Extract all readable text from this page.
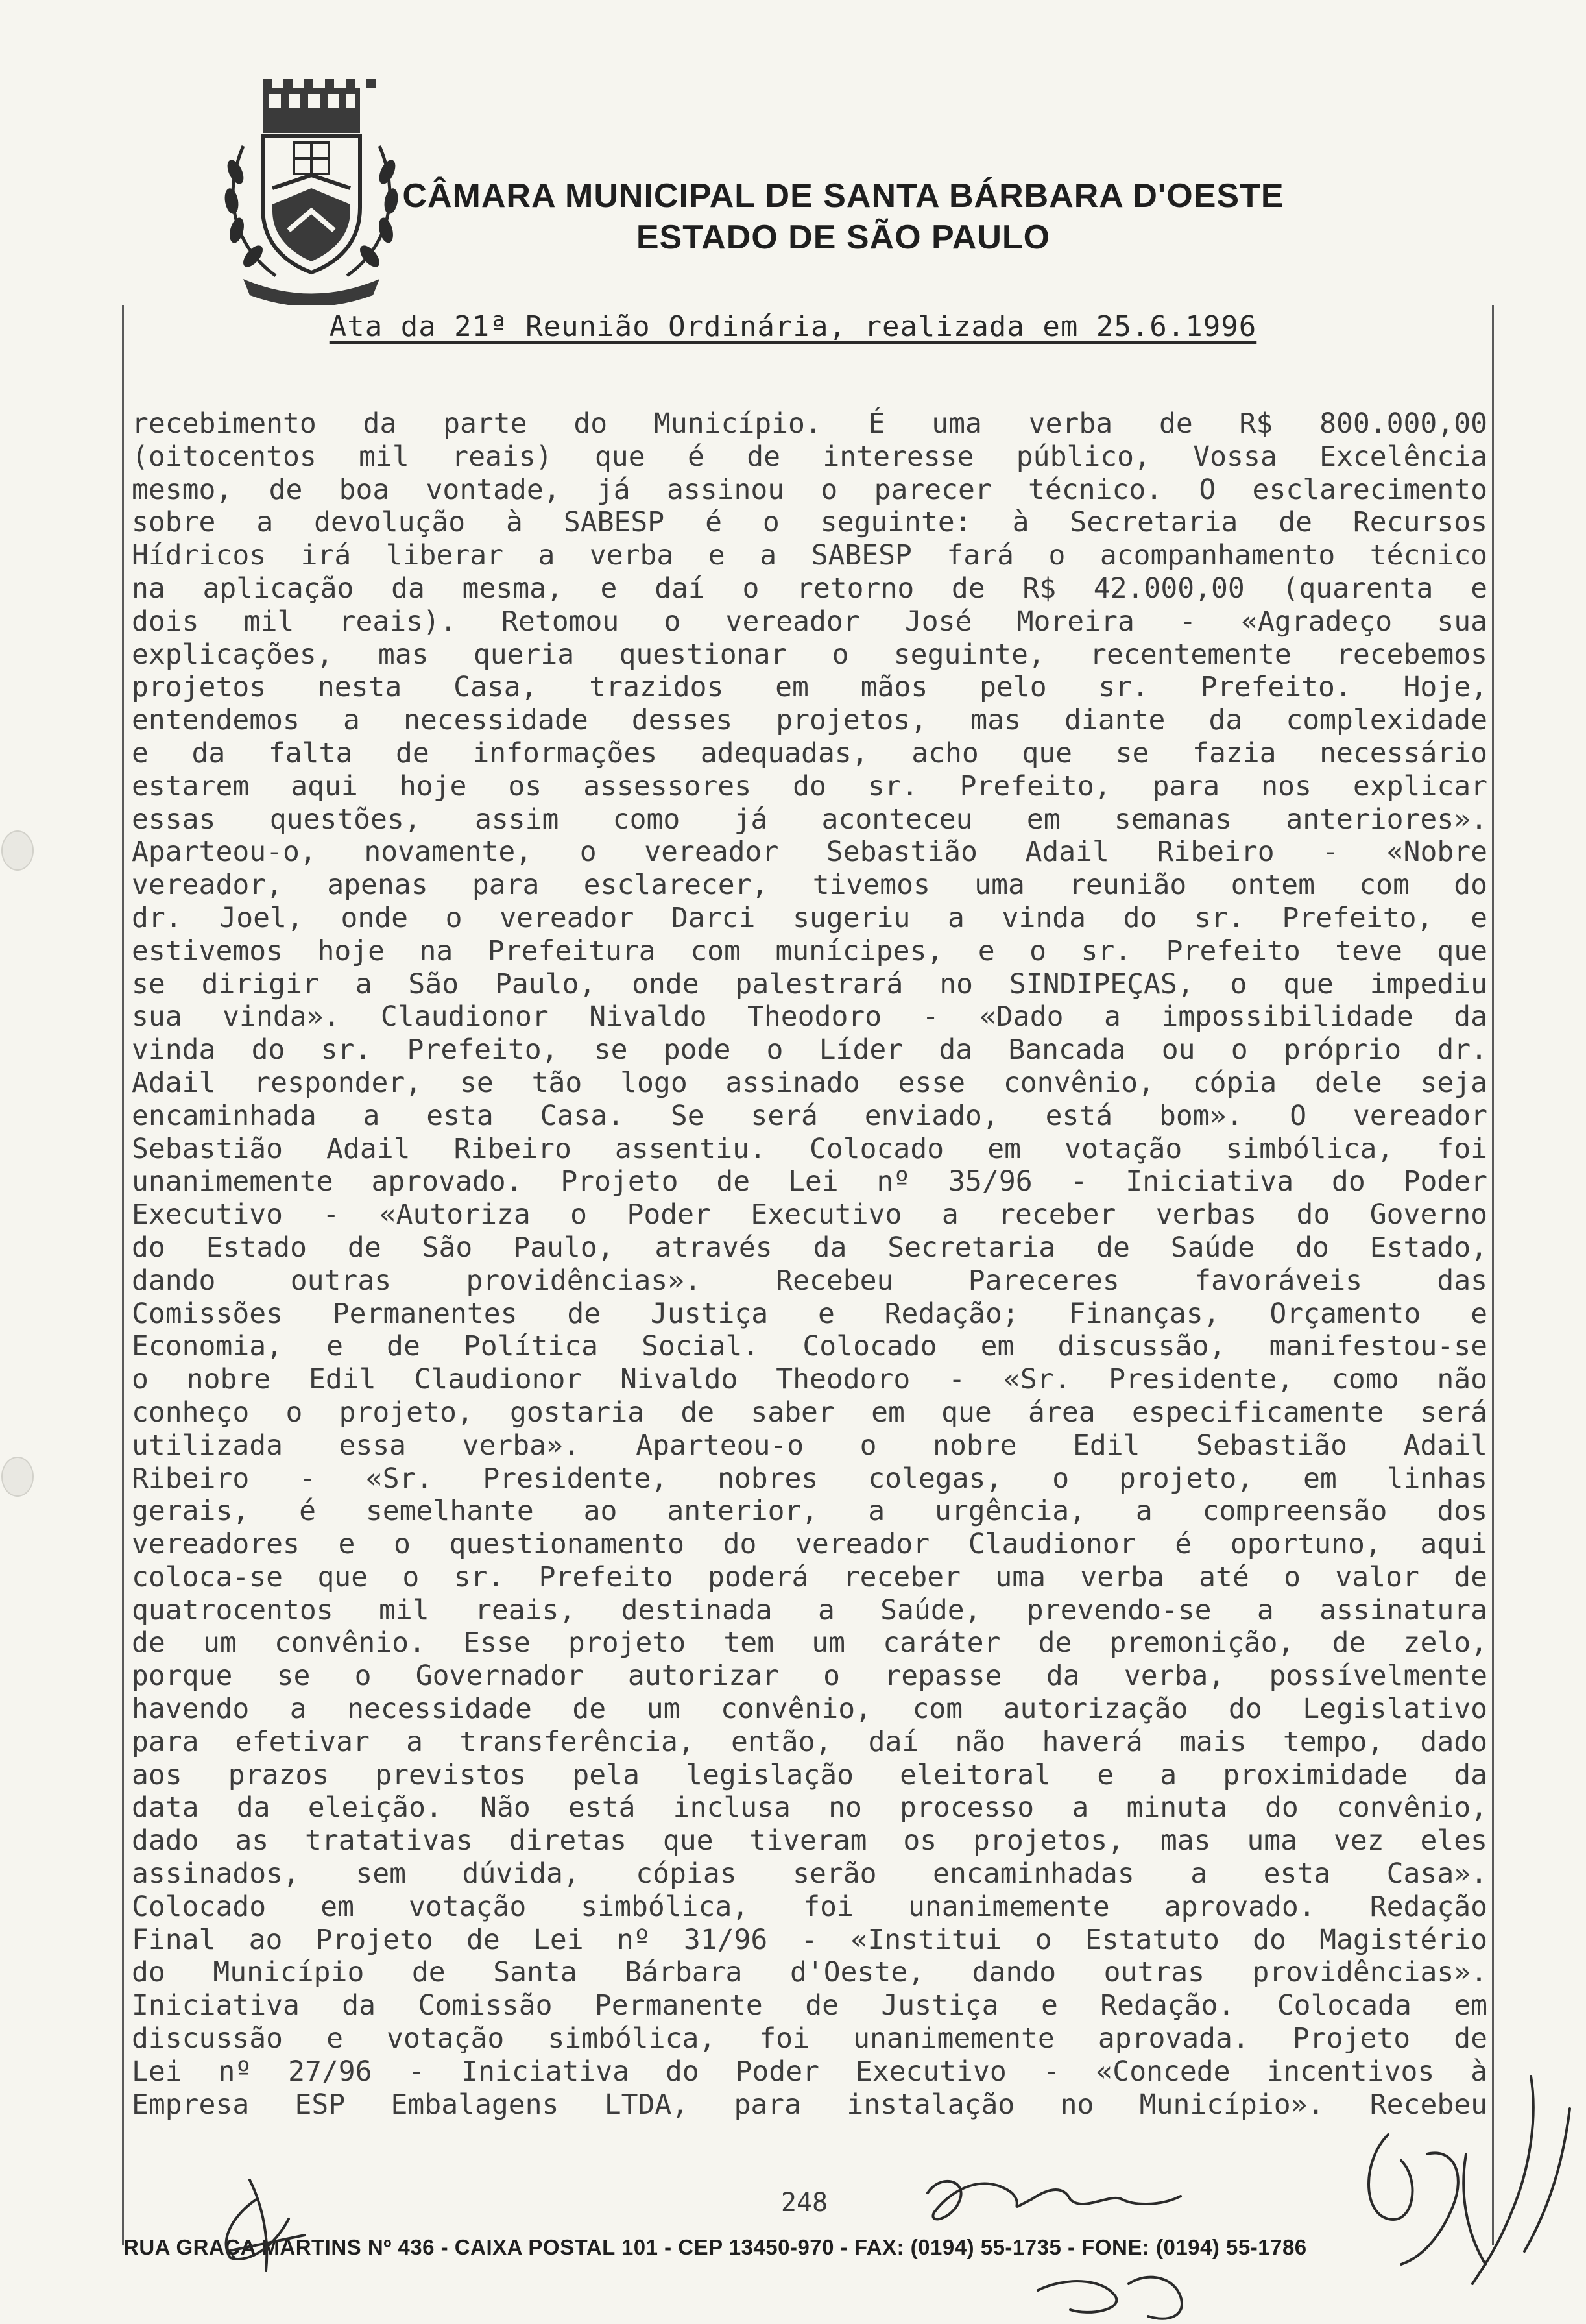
CÂMARA MUNICIPAL DE SANTA BÁRBARA D'OESTE
ESTADO DE SÃO PAULO
Ata da 21ª Reunião Ordinária, realizada em 25.6.1996
recebimento da parte do Município. É uma verba de R$ 800.000,00
(oitocentos mil reais) que é de interesse público, Vossa Excelência
mesmo, de boa vontade, já assinou o parecer técnico. O esclarecimento
sobre a devolução à SABESP é o seguinte: à Secretaria de Recursos
Hídricos irá liberar a verba e a SABESP fará o acompanhamento técnico
na aplicação da mesma, e daí o retorno de R$ 42.000,00 (quarenta e
dois mil reais). Retomou o vereador José Moreira - «Agradeço sua
explicações, mas queria questionar o seguinte, recentemente recebemos
projetos nesta Casa, trazidos em mãos pelo sr. Prefeito. Hoje,
entendemos a necessidade desses projetos, mas diante da complexidade
e da falta de informações adequadas, acho que se fazia necessário
estarem aqui hoje os assessores do sr. Prefeito, para nos explicar
essas questões, assim como já aconteceu em semanas anteriores».
Aparteou-o, novamente, o vereador Sebastião Adail Ribeiro - «Nobre
vereador, apenas para esclarecer, tivemos uma reunião ontem com do
dr. Joel, onde o vereador Darci sugeriu a vinda do sr. Prefeito, e
estivemos hoje na Prefeitura com munícipes, e o sr. Prefeito teve que
se dirigir a São Paulo, onde palestrará no SINDIPEÇAS, o que impediu
sua vinda». Claudionor Nivaldo Theodoro - «Dado a impossibilidade da
vinda do sr. Prefeito, se pode o Líder da Bancada ou o próprio dr.
Adail responder, se tão logo assinado esse convênio, cópia dele seja
encaminhada a esta Casa. Se será enviado, está bom». O vereador
Sebastião Adail Ribeiro assentiu. Colocado em votação simbólica, foi
unanimemente aprovado. Projeto de Lei nº 35/96 - Iniciativa do Poder
Executivo - «Autoriza o Poder Executivo a receber verbas do Governo
do Estado de São Paulo, através da Secretaria de Saúde do Estado,
dando outras providências». Recebeu Pareceres favoráveis das
Comissões Permanentes de Justiça e Redação; Finanças, Orçamento e
Economia, e de Política Social. Colocado em discussão, manifestou-se
o nobre Edil Claudionor Nivaldo Theodoro - «Sr. Presidente, como não
conheço o projeto, gostaria de saber em que área especificamente será
utilizada essa verba». Aparteou-o o nobre Edil Sebastião Adail
Ribeiro - «Sr. Presidente, nobres colegas, o projeto, em linhas
gerais, é semelhante ao anterior, a urgência, a compreensão dos
vereadores e o questionamento do vereador Claudionor é oportuno, aqui
coloca-se que o sr. Prefeito poderá receber uma verba até o valor de
quatrocentos mil reais, destinada a Saúde, prevendo-se a assinatura
de um convênio. Esse projeto tem um caráter de premonição, de zelo,
porque se o Governador autorizar o repasse da verba, possívelmente
havendo a necessidade de um convênio, com autorização do Legislativo
para efetivar a transferência, então, daí não haverá mais tempo, dado
aos prazos previstos pela legislação eleitoral e a proximidade da
data da eleição. Não está inclusa no processo a minuta do convênio,
dado as tratativas diretas que tiveram os projetos, mas uma vez eles
assinados, sem dúvida, cópias serão encaminhadas a esta Casa».
Colocado em votação simbólica, foi unanimemente aprovado. Redação
Final ao Projeto de Lei nº 31/96 - «Institui o Estatuto do Magistério
do Município de Santa Bárbara d'Oeste, dando outras providências».
Iniciativa da Comissão Permanente de Justiça e Redação. Colocada em
discussão e votação simbólica, foi unanimemente aprovada. Projeto de
Lei nº 27/96 - Iniciativa do Poder Executivo - «Concede incentivos à
Empresa ESP Embalagens LTDA, para instalação no Município». Recebeu
248
RUA GRAÇA MARTINS Nº 436 - CAIXA POSTAL 101 - CEP 13450-970 - FAX: (0194) 55-1735 - FONE: (0194) 55-1786
